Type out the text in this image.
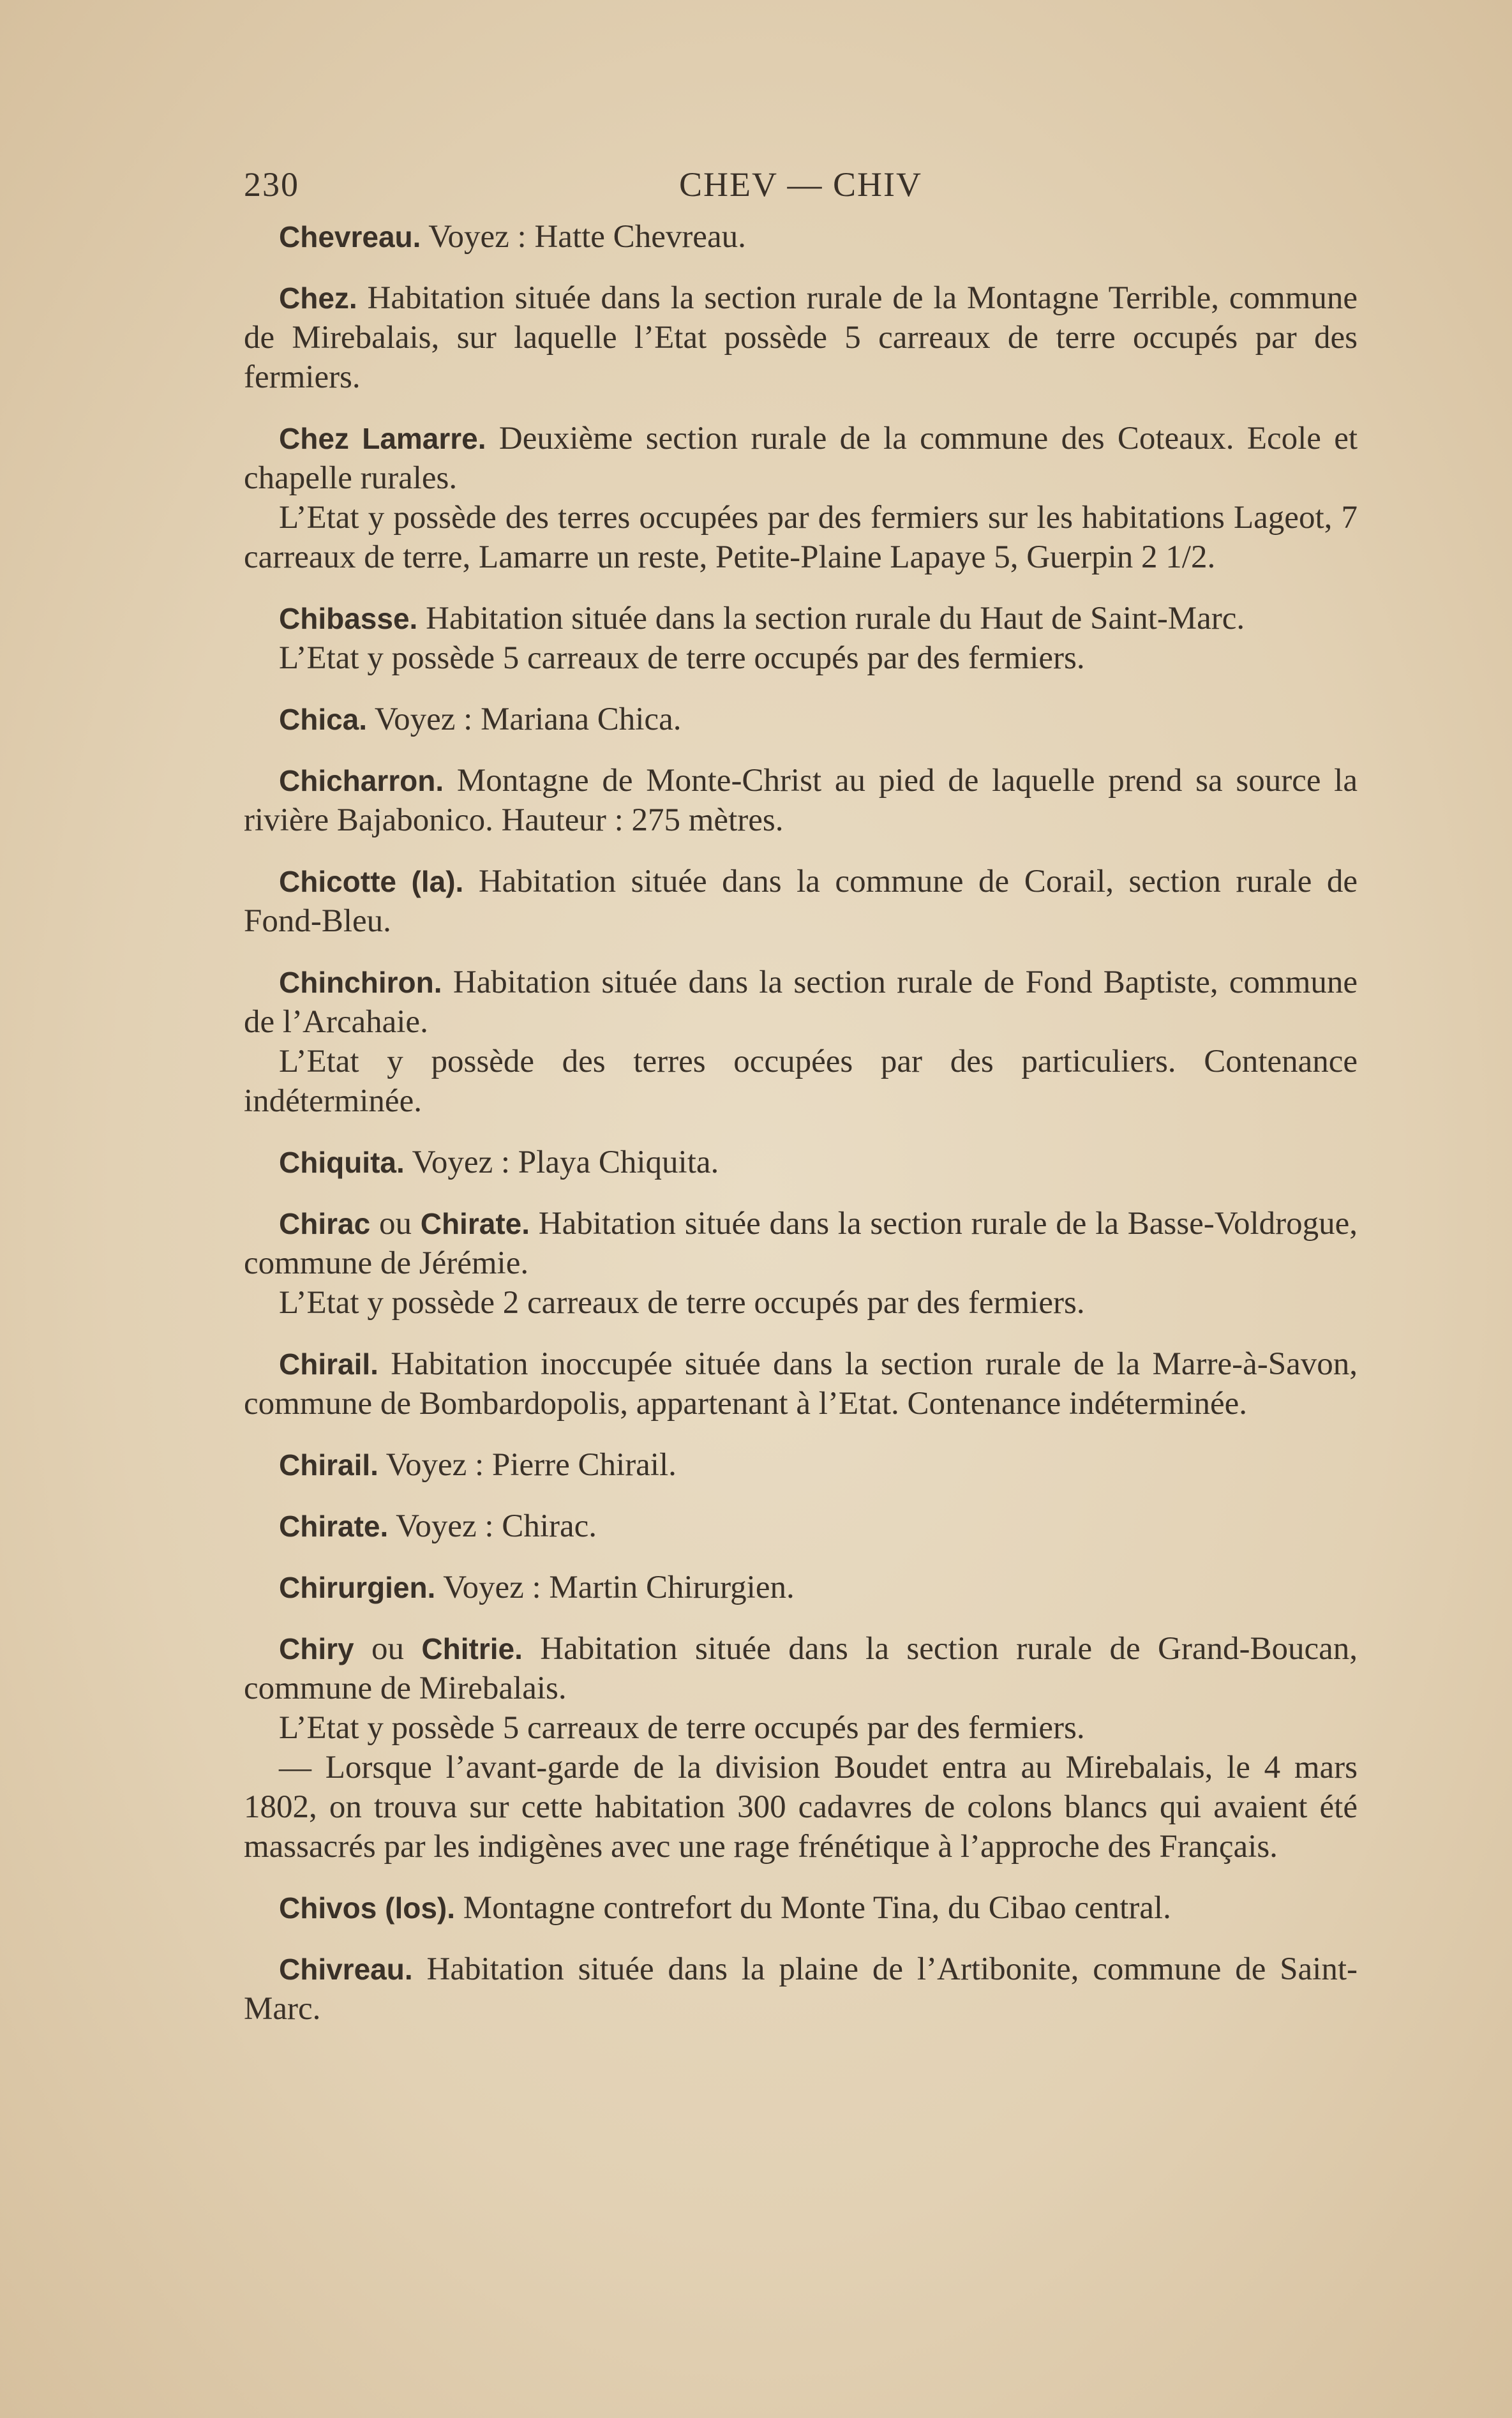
230	CHEV — CHIV

Chevreau. Voyez : Hatte Chevreau.

Chez. Habitation située dans la section rurale de la Montagne Terrible, commune de Mirebalais, sur laquelle l’Etat possède 5 carreaux de terre occupés par des fermiers.

Chez Lamarre. Deuxième section rurale de la commune des Coteaux. Ecole et chapelle rurales.

L’Etat y possède des terres occupées par des fermiers sur les habitations Lageot, 7 carreaux de terre, Lamarre un reste, Petite-Plaine Lapaye 5, Guerpin 2 1/2.

Chibasse. Habitation située dans la section rurale du Haut de Saint-Marc.

L’Etat y possède 5 carreaux de terre occupés par des fermiers.

Chica. Voyez : Mariana Chica.

Chicharron. Montagne de Monte-Christ au pied de laquelle prend sa source la rivière Bajabonico. Hauteur : 275 mètres.

Chicotte (la). Habitation située dans la commune de Corail, section rurale de Fond-Bleu.

Chinchiron. Habitation située dans la section rurale de Fond Baptiste, commune de l’Arcahaie.

L’Etat y possède des terres occupées par des particuliers. Contenance indéterminée.

Chiquita. Voyez : Playa Chiquita.

Chirac ou Chirate. Habitation située dans la section rurale de la Basse-Voldrogue, commune de Jérémie.

L’Etat y possède 2 carreaux de terre occupés par des fermiers.

Chirail. Habitation inoccupée située dans la section rurale de la Marre-à-Savon, commune de Bombardopolis, appartenant à l’Etat. Contenance indéterminée.

Chirail. Voyez : Pierre Chirail.

Chirate. Voyez : Chirac.

Chirurgien. Voyez : Martin Chirurgien.

Chiry ou Chitrie. Habitation située dans la section rurale de Grand-Boucan, commune de Mirebalais.

L’Etat y possède 5 carreaux de terre occupés par des fermiers.

— Lorsque l’avant-garde de la division Boudet entra au Mirebalais, le 4 mars 1802, on trouva sur cette habitation 300 cadavres de colons blancs qui avaient été massacrés par les indigènes avec une rage frénétique à l’approche des Français.

Chivos (los). Montagne contrefort du Monte Tina, du Cibao central.

Chivreau. Habitation située dans la plaine de l’Artibonite, commune de Saint-Marc.
